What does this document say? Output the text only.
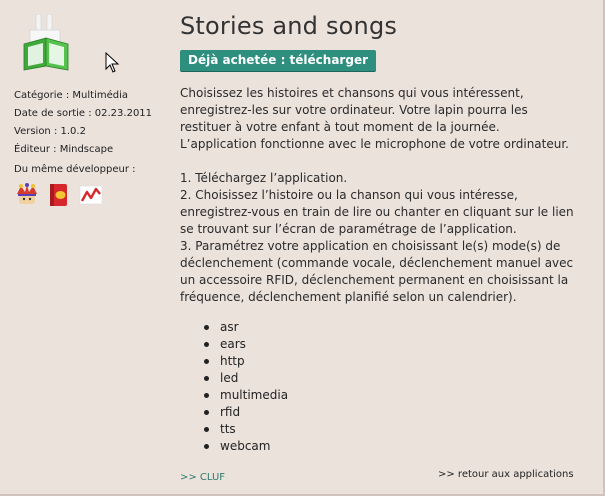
Catégorie : Multimédia
Date de sortie : 02.23.2011
Version : 1.0.2
Éditeur : Mindscape
Du même développeur :
Stories and songs
Déjà achetée : télécharger

Choisissez les histoires et chansons qui vous intéressent,

enregistrez-les sur votre ordinateur. Votre lapin pourra les

restituer à votre enfant à tout moment de la journée.

L’application fonctionne avec le microphone de votre ordinateur.

1. Téléchargez l’application.

2. Choisissez l’histoire ou la chanson qui vous intéresse,

enregistrez-vous en train de lire ou chanter en cliquant sur le lien

se trouvant sur l’écran de paramétrage de l’application.

3. Paramétrez votre application en choisissant le(s) mode(s) de

déclenchement (commande vocale, déclenchement manuel avec

un accessoire RFID, déclenchement permanent en choisissant la

fréquence, déclenchement planifié selon un calendrier).

asr
ears
http
led
multimedia
rfid
tts
webcam
>> CLUF	>> retour aux applications
